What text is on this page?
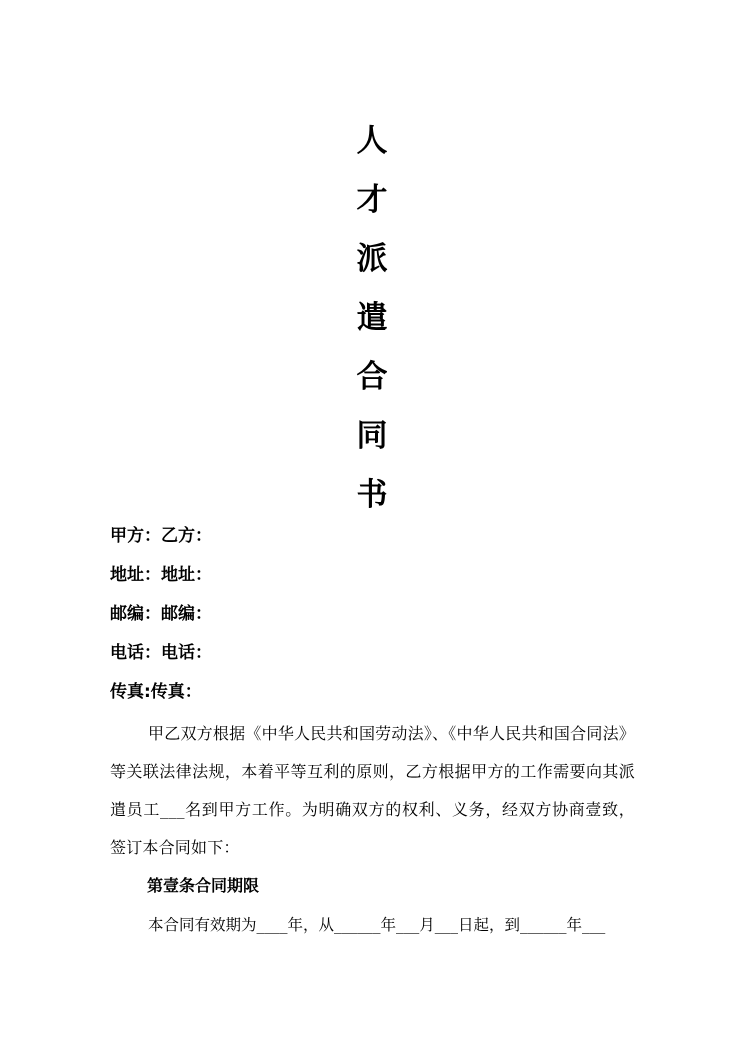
人
才
派
遣
合
同
书
甲方：乙方：
地址：地址：
邮编：邮编：
电话：电话：
传真:传真：
甲乙双方根据《中华人民共和国劳动法》、《中华人民共和国合同法》等关联法律法规，本着平等互利的原则，乙方根据甲方的工作需要向其派遣员工___名到甲方工作。为明确双方的权利、义务，经双方协商壹致，签订本合同如下：
第壹条合同期限
本合同有效期为____年，从______年___月___日起，到______年___
